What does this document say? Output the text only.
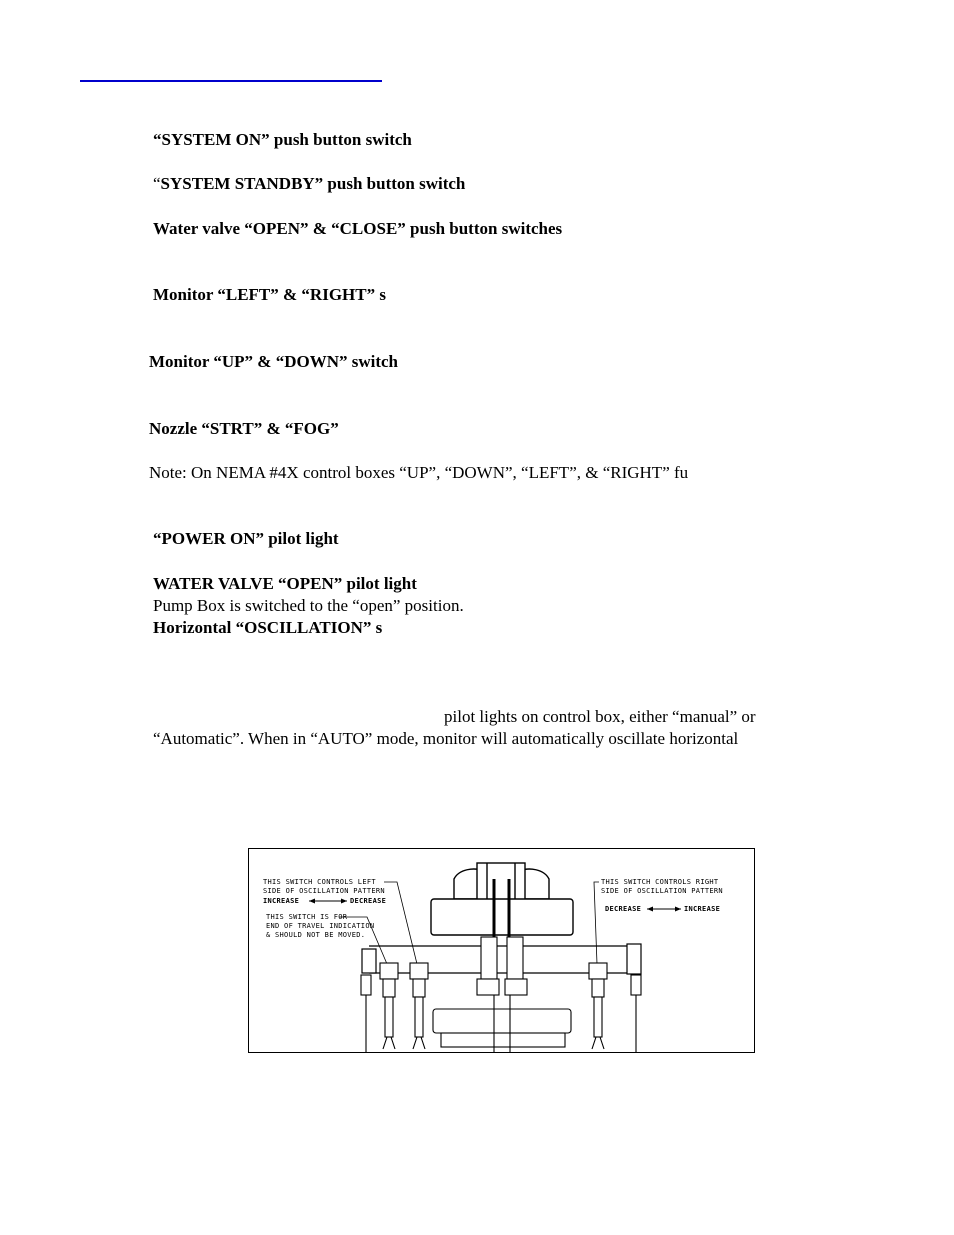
“SYSTEM ON” push button switch
“SYSTEM STANDBY” push button switch
Water valve “OPEN” & “CLOSE” push button switches
Monitor “LEFT” & “RIGHT” s
Monitor “UP” & “DOWN” switch
Nozzle “STRT” & “FOG”
Note: On NEMA #4X control boxes “UP”, “DOWN”, “LEFT”, & “RIGHT” fu
“POWER ON” pilot light
WATER VALVE “OPEN” pilot light
Pump Box is switched to the “open” position.
Horizontal “OSCILLATION” s
pilot lights on control box, either “manual” or
“Automatic”. When in “AUTO” mode, monitor will automatically oscillate horizontal
THIS SWITCH CONTROLS LEFT
SIDE OF OSCILLATION PATTERN
INCREASE	DECREASE
THIS SWITCH IS FOR
END OF TRAVEL INDICATION
& SHOULD NOT BE MOVED.
THIS SWITCH CONTROLS RIGHT
SIDE OF OSCILLATION PATTERN
DECREASE	INCREASE
